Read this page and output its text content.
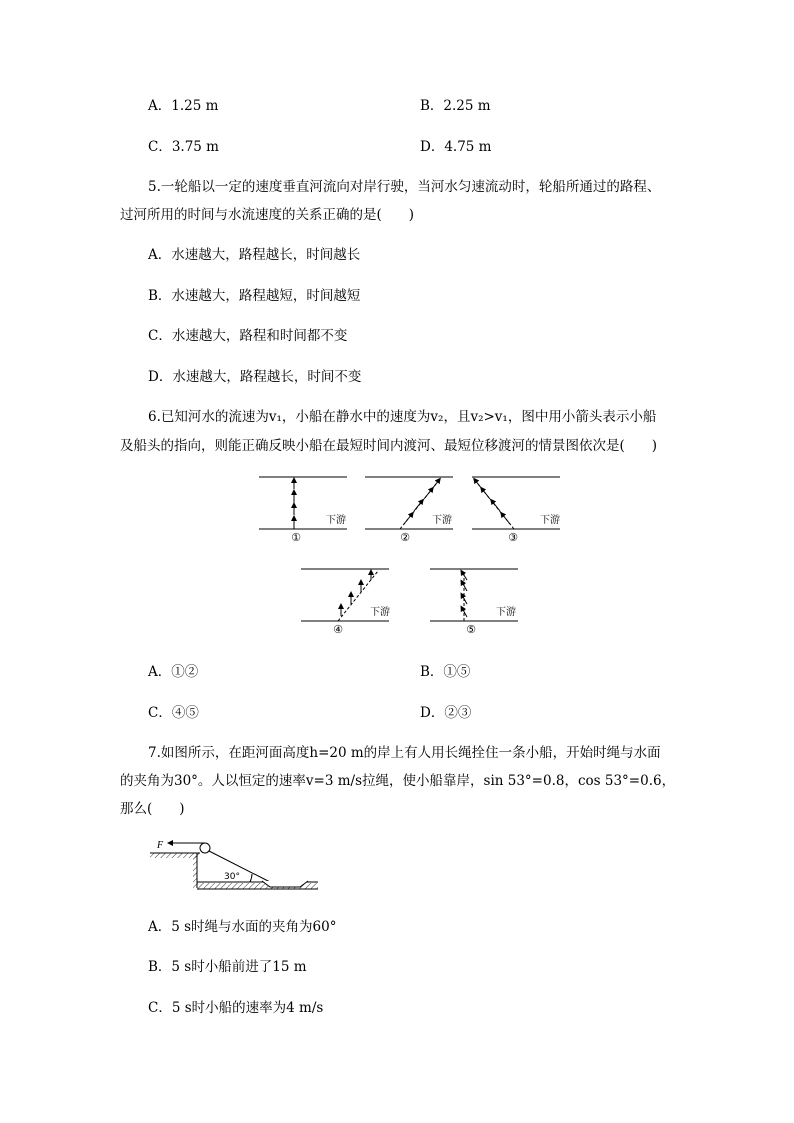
A．1.25 m	B．2.25 m
C．3.75 m	D．4.75 m
5.一轮船以一定的速度垂直河流向对岸行驶，当河水匀速流动时，轮船所通过的路程、
过河所用的时间与水流速度的关系正确的是(　　)
A．水速越大，路程越长，时间越长
B．水速越大，路程越短，时间越短
C．水速越大，路程和时间都不变
D．水速越大，路程越长，时间不变
6.已知河水的流速为v₁，小船在静水中的速度为v₂，且v₂>v₁，图中用小箭头表示小船
及船头的指向，则能正确反映小船在最短时间内渡河、最短位移渡河的情景图依次是(　　)
下游	下游	下游
下游	下游
①	②	③
④	⑤
A．①②	B．①⑤
C．④⑤	D．②③
7.如图所示，在距河面高度h=20 m的岸上有人用长绳拴住一条小船，开始时绳与水面
的夹角为30°。人以恒定的速率v=3 m/s拉绳，使小船靠岸，sin 53°=0.8，cos 53°=0.6，
那么(　　)
F
30°
A．5 s时绳与水面的夹角为60°
B．5 s时小船前进了15 m
C．5 s时小船的速率为4 m/s
